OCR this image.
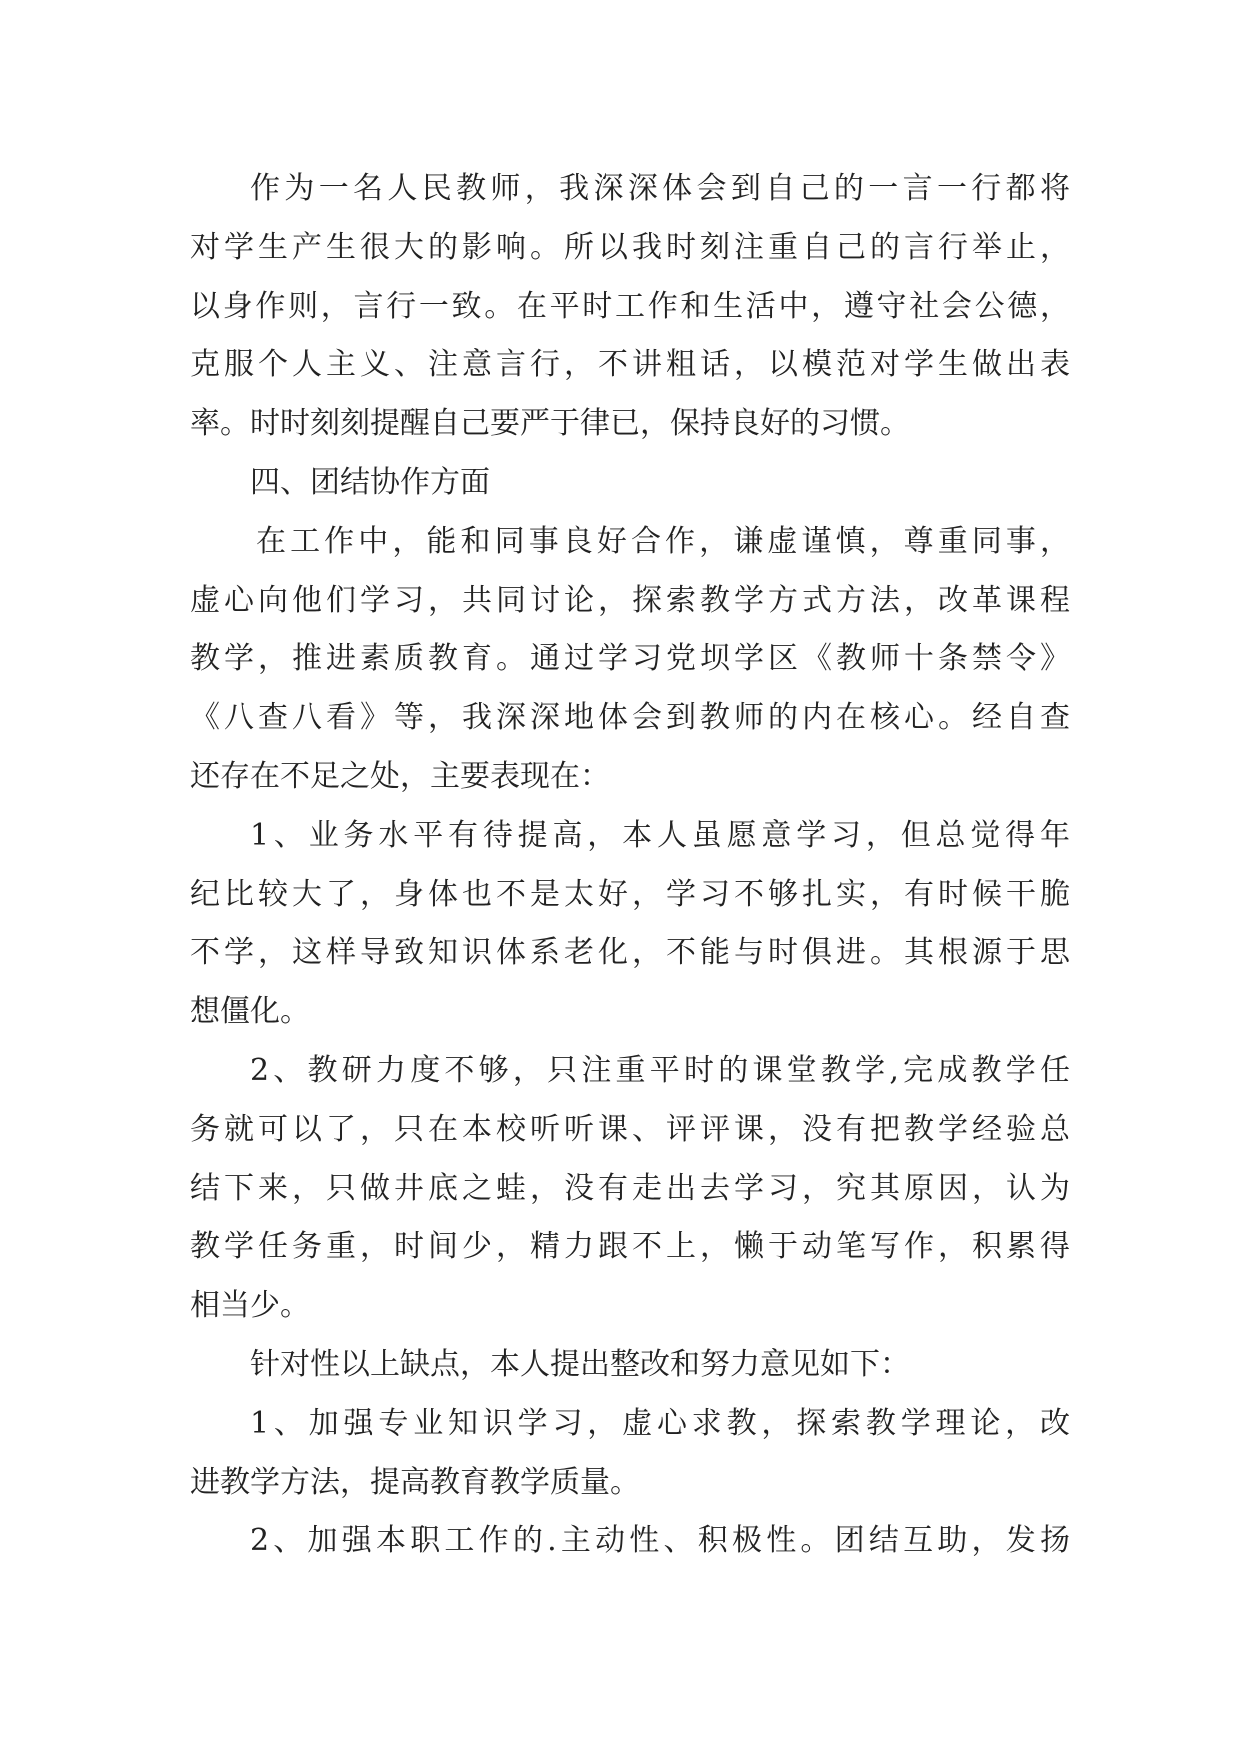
作为一名人民教师，我深深体会到自己的一言一行都将
对学生产生很大的影响。所以我时刻注重自己的言行举止，
以身作则，言行一致。在平时工作和生活中，遵守社会公德，
克服个人主义、注意言行，不讲粗话，以模范对学生做出表
率。时时刻刻提醒自己要严于律已，保持良好的习惯。
四、团结协作方面
在工作中，能和同事良好合作，谦虚谨慎，尊重同事，
虚心向他们学习，共同讨论，探索教学方式方法，改革课程
教学，推进素质教育。通过学习党坝学区《教师十条禁令》
《八查八看》等，我深深地体会到教师的内在核心。经自查
还存在不足之处，主要表现在：
1、业务水平有待提高，本人虽愿意学习，但总觉得年
纪比较大了，身体也不是太好，学习不够扎实，有时候干脆
不学，这样导致知识体系老化，不能与时俱进。其根源于思
想僵化。
2、教研力度不够，只注重平时的课堂教学,完成教学任
务就可以了，只在本校听听课、评评课，没有把教学经验总
结下来，只做井底之蛙，没有走出去学习，究其原因，认为
教学任务重，时间少，精力跟不上，懒于动笔写作，积累得
相当少。
针对性以上缺点，本人提出整改和努力意见如下：
1、加强专业知识学习，虚心求教，探索教学理论，改
进教学方法，提高教育教学质量。
2、加强本职工作的.主动性、积极性。团结互助，发扬
